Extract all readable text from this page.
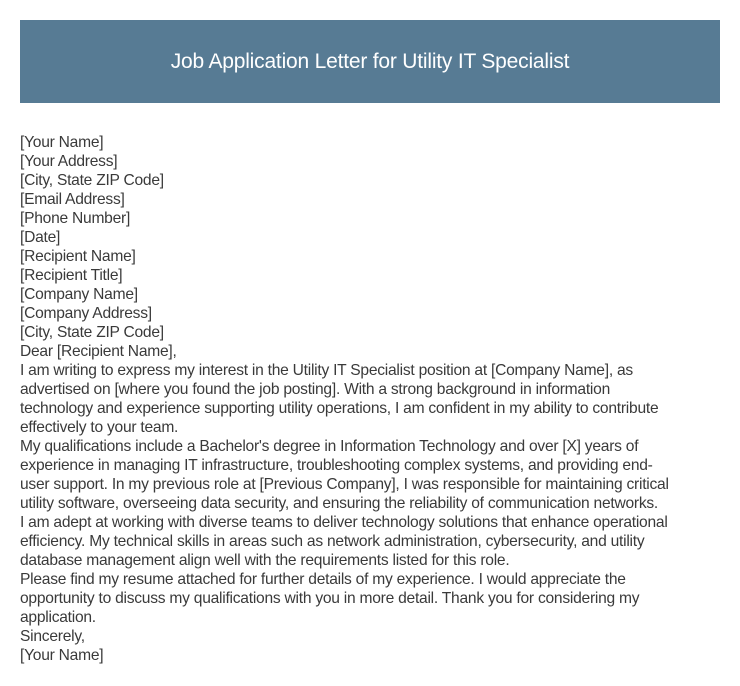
Job Application Letter for Utility IT Specialist
[Your Name]
[Your Address]
[City, State ZIP Code]
[Email Address]
[Phone Number]
[Date]
[Recipient Name]
[Recipient Title]
[Company Name]
[Company Address]
[City, State ZIP Code]
Dear [Recipient Name],
I am writing to express my interest in the Utility IT Specialist position at [Company Name], as
advertised on [where you found the job posting]. With a strong background in information
technology and experience supporting utility operations, I am confident in my ability to contribute
effectively to your team.
My qualifications include a Bachelor's degree in Information Technology and over [X] years of
experience in managing IT infrastructure, troubleshooting complex systems, and providing end-
user support. In my previous role at [Previous Company], I was responsible for maintaining critical
utility software, overseeing data security, and ensuring the reliability of communication networks.
I am adept at working with diverse teams to deliver technology solutions that enhance operational
efficiency. My technical skills in areas such as network administration, cybersecurity, and utility
database management align well with the requirements listed for this role.
Please find my resume attached for further details of my experience. I would appreciate the
opportunity to discuss my qualifications with you in more detail. Thank you for considering my
application.
Sincerely,
[Your Name]
